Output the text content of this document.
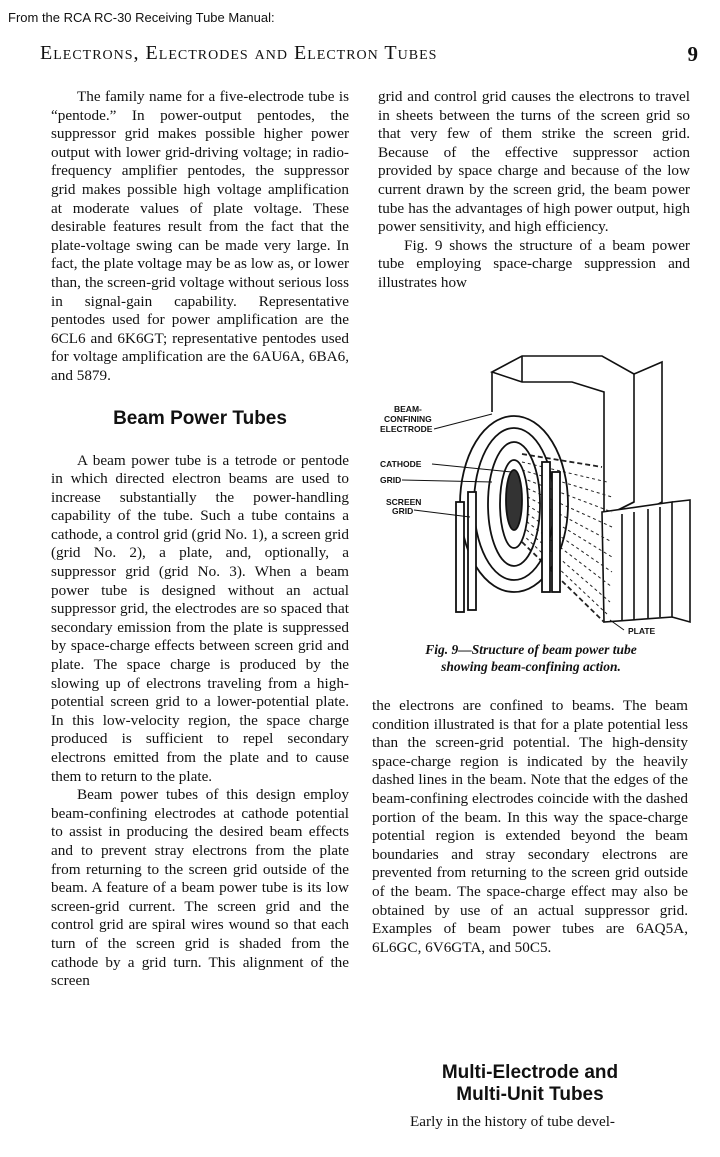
From the RCA RC-30 Receiving Tube Manual:
Electrons, Electrodes and Electron Tubes	9

The family name for a five-electrode tube is “pentode.” In power-output pentodes, the suppressor grid makes possible higher power output with lower grid-driving voltage; in radio-frequency amplifier pentodes, the suppressor grid makes possible high voltage amplification at moderate values of plate voltage. These desirable features result from the fact that the plate-voltage swing can be made very large. In fact, the plate voltage may be as low as, or lower than, the screen-grid voltage without serious loss in signal-gain capability. Representative pentodes used for power amplification are the 6CL6 and 6K6GT; representative pentodes used for voltage amplification are the 6AU6A, 6BA6, and 5879.

Beam Power Tubes

A beam power tube is a tetrode or pentode in which directed electron beams are used to increase substantially the power-handling capability of the tube. Such a tube contains a cathode, a control grid (grid No. 1), a screen grid (grid No. 2), a plate, and, optionally, a suppressor grid (grid No. 3). When a beam power tube is designed without an actual suppressor grid, the electrodes are so spaced that secondary emission from the plate is suppressed by space-charge effects between screen grid and plate. The space charge is produced by the slowing up of electrons traveling from a high-potential screen grid to a lower-potential plate. In this low-velocity region, the space charge produced is sufficient to repel secondary electrons emitted from the plate and to cause them to return to the plate.

Beam power tubes of this design employ beam-confining electrodes at cathode potential to assist in producing the desired beam effects and to prevent stray electrons from the plate from returning to the screen grid outside of the beam. A feature of a beam power tube is its low screen-grid current. The screen grid and the control grid are spiral wires wound so that each turn of the screen grid is shaded from the cathode by a grid turn. This alignment of the screen

grid and control grid causes the electrons to travel in sheets between the turns of the screen grid so that very few of them strike the screen grid. Because of the effective suppressor action provided by space charge and because of the low current drawn by the screen grid, the beam power tube has the advantages of high power output, high power sensitivity, and high efficiency.

Fig. 9 shows the structure of a beam power tube employing space-charge suppression and illustrates how

BEAM-
CONFINING
ELECTRODE
CATHODE
GRID
SCREEN
GRID
PLATE
Fig. 9—Structure of beam power tube
showing beam-confining action.

the electrons are confined to beams. The beam condition illustrated is that for a plate potential less than the screen-grid potential. The high-density space-charge region is indicated by the heavily dashed lines in the beam. Note that the edges of the beam-confining electrodes coincide with the dashed portion of the beam. In this way the space-charge potential region is extended beyond the beam boundaries and stray secondary electrons are prevented from returning to the screen grid outside of the beam. The space-charge effect may also be obtained by use of an actual suppressor grid. Examples of beam power tubes are 6AQ5A, 6L6GC, 6V6GTA, and 50C5.

Multi-Electrode and
Multi-Unit Tubes
Early in the history of tube devel-
